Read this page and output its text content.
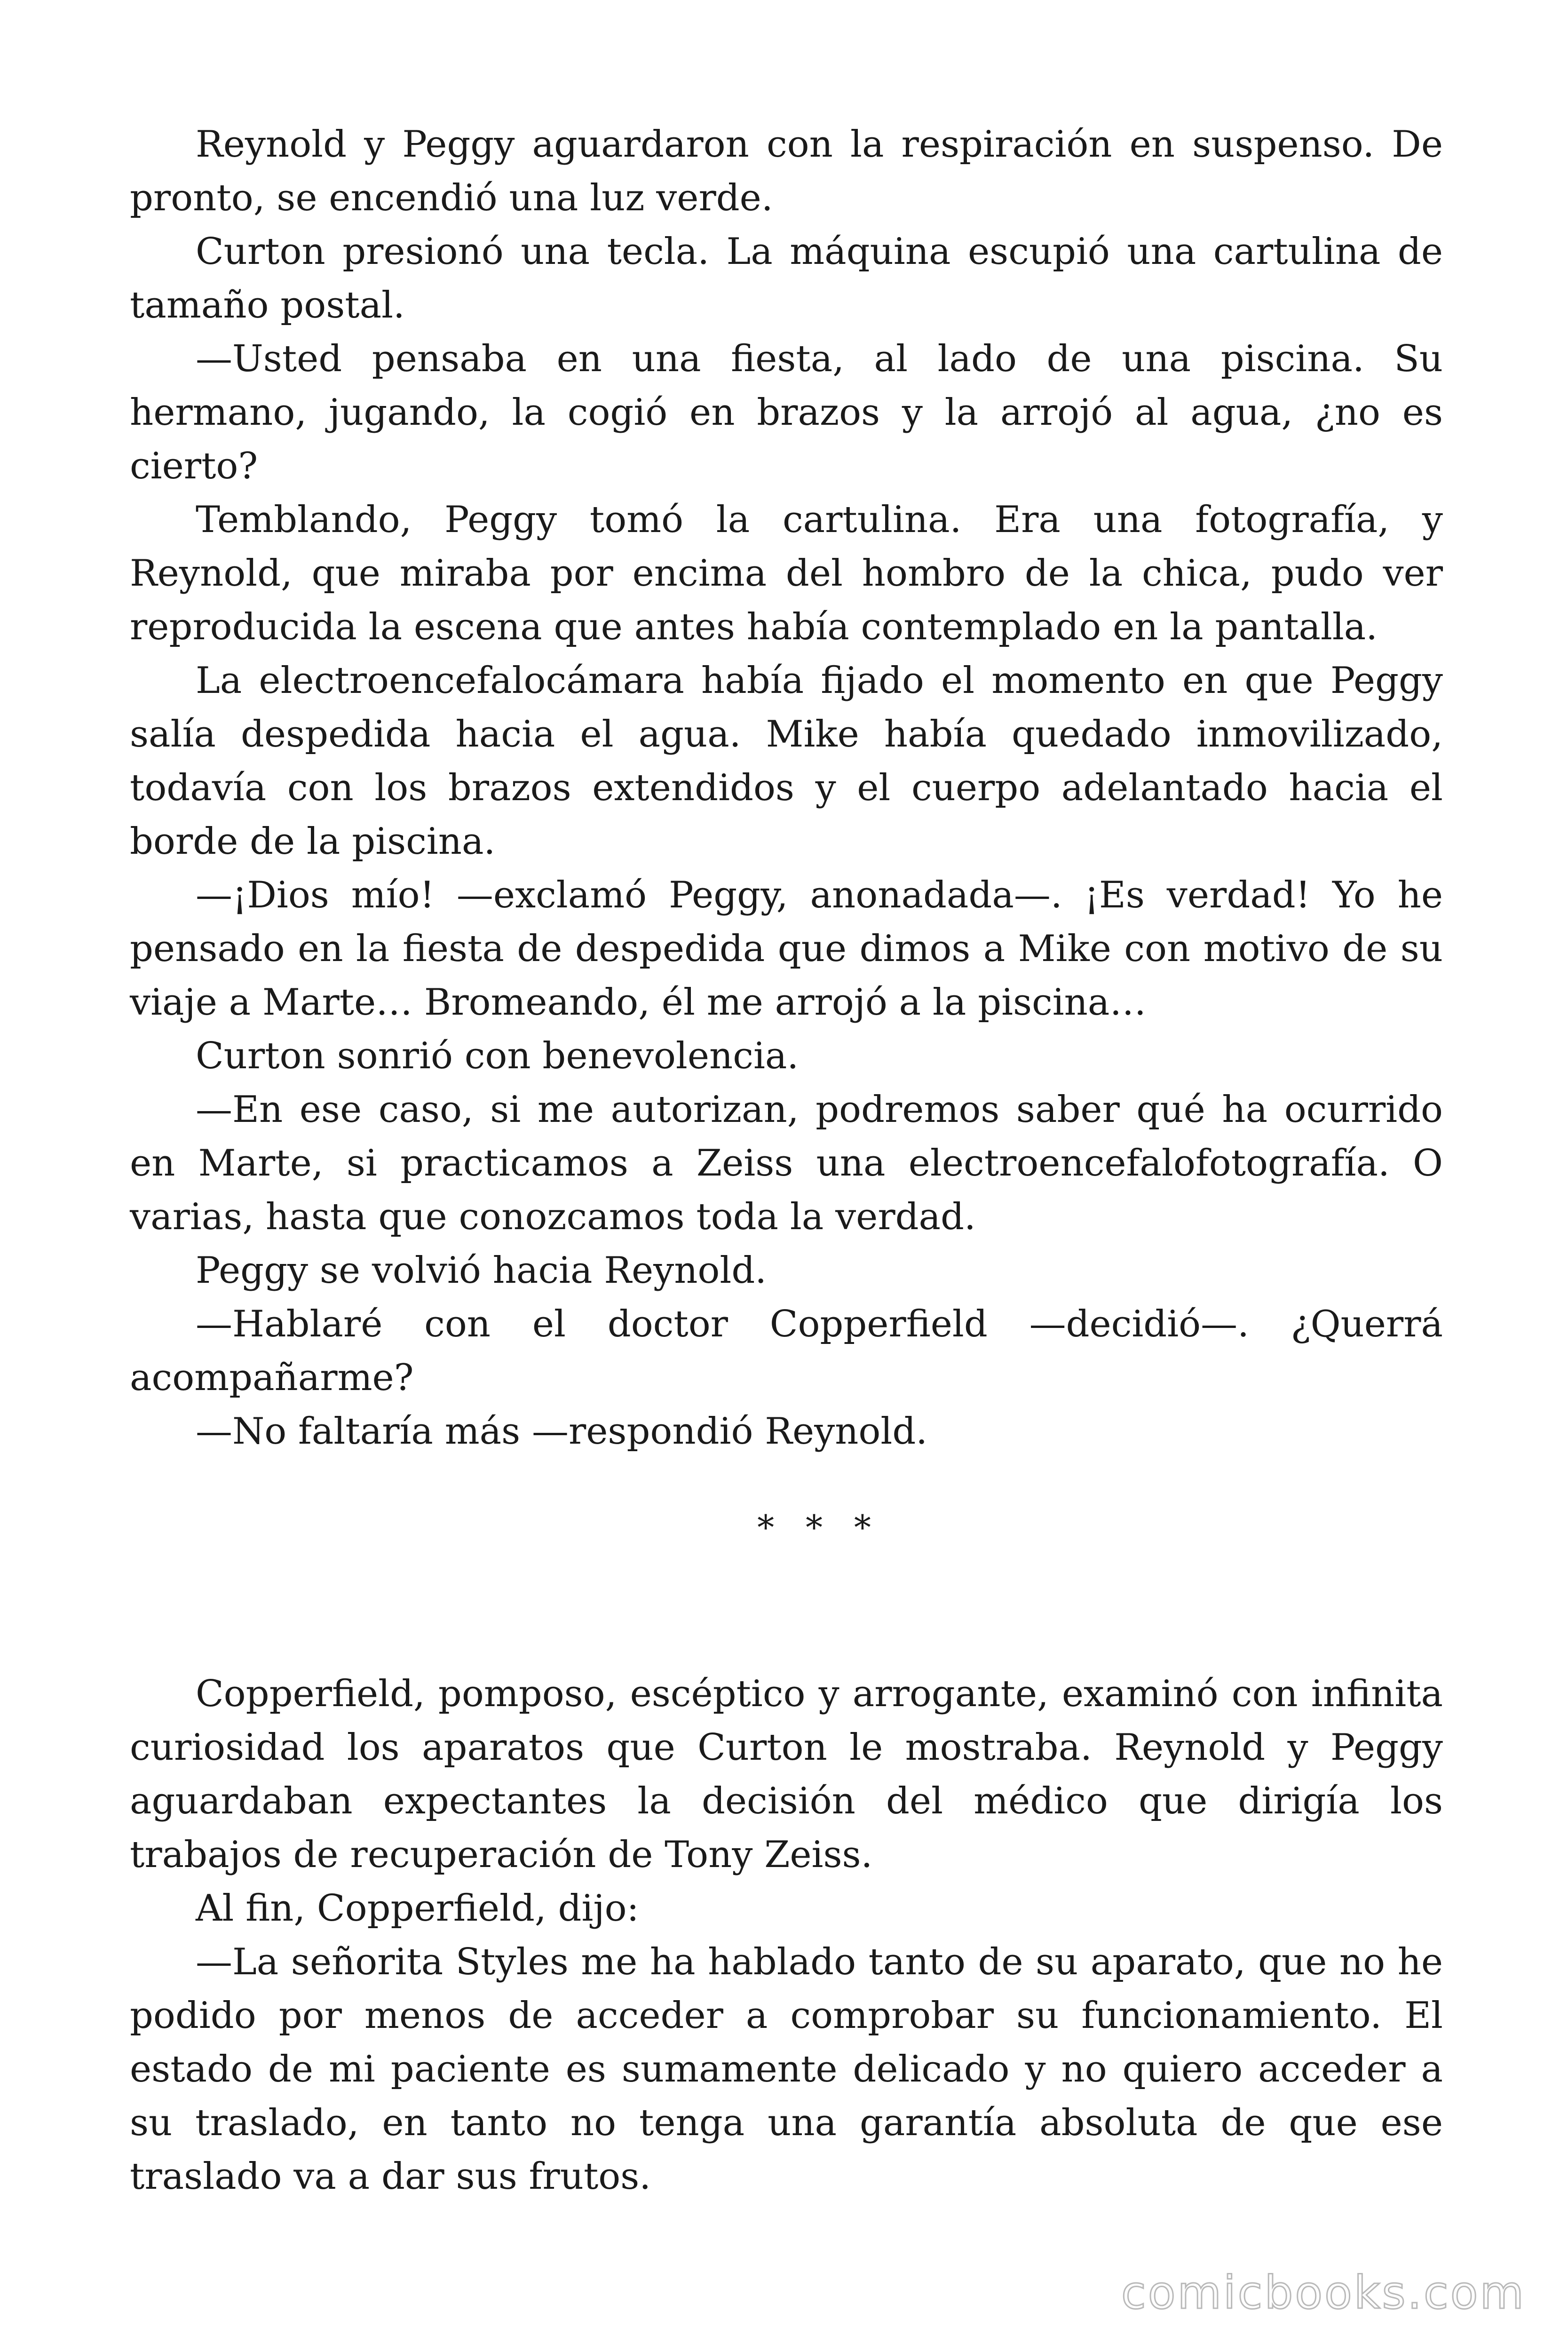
Reynold y Peggy aguardaron con la respiración en suspenso. De pronto, se encendió una luz verde.

Curton presionó una tecla. La máquina escupió una cartulina de tamaño postal.

—Usted pensaba en una fiesta, al lado de una piscina. Su hermano, jugando, la cogió en brazos y la arrojó al agua, ¿no es cierto?

Temblando, Peggy tomó la cartulina. Era una fotografía, y Reynold, que miraba por encima del hombro de la chica, pudo ver reproducida la escena que antes había contemplado en la pantalla.

La electroencefalocámara había fijado el momento en que Peggy salía despedida hacia el agua. Mike había quedado inmovilizado, todavía con los brazos extendidos y el cuerpo adelantado hacia el borde de la piscina.

—¡Dios mío! —exclamó Peggy, anonadada—. ¡Es verdad! Yo he pensado en la fiesta de despedida que dimos a Mike con motivo de su viaje a Marte… Bromeando, él me arrojó a la piscina…

Curton sonrió con benevolencia.

—En ese caso, si me autorizan, podremos saber qué ha ocurrido en Marte, si practicamos a Zeiss una electroencefalofotografía. O varias, hasta que conozcamos toda la verdad.

Peggy se volvió hacia Reynold.

—Hablaré con el doctor Copperfield —decidió—. ¿Querrá acompañarme?

—No faltaría más —respondió Reynold.

* * *

Copperfield, pomposo, escéptico y arrogante, examinó con infinita curiosidad los aparatos que Curton le mostraba. Reynold y Peggy aguardaban expectantes la decisión del médico que dirigía los trabajos de recuperación de Tony Zeiss.

Al fin, Copperfield, dijo:

—La señorita Styles me ha hablado tanto de su aparato, que no he podido por menos de acceder a comprobar su funcionamiento. El estado de mi paciente es sumamente delicado y no quiero acceder a su traslado, en tanto no tenga una garantía absoluta de que ese traslado va a dar sus frutos.

comicbooks.com
